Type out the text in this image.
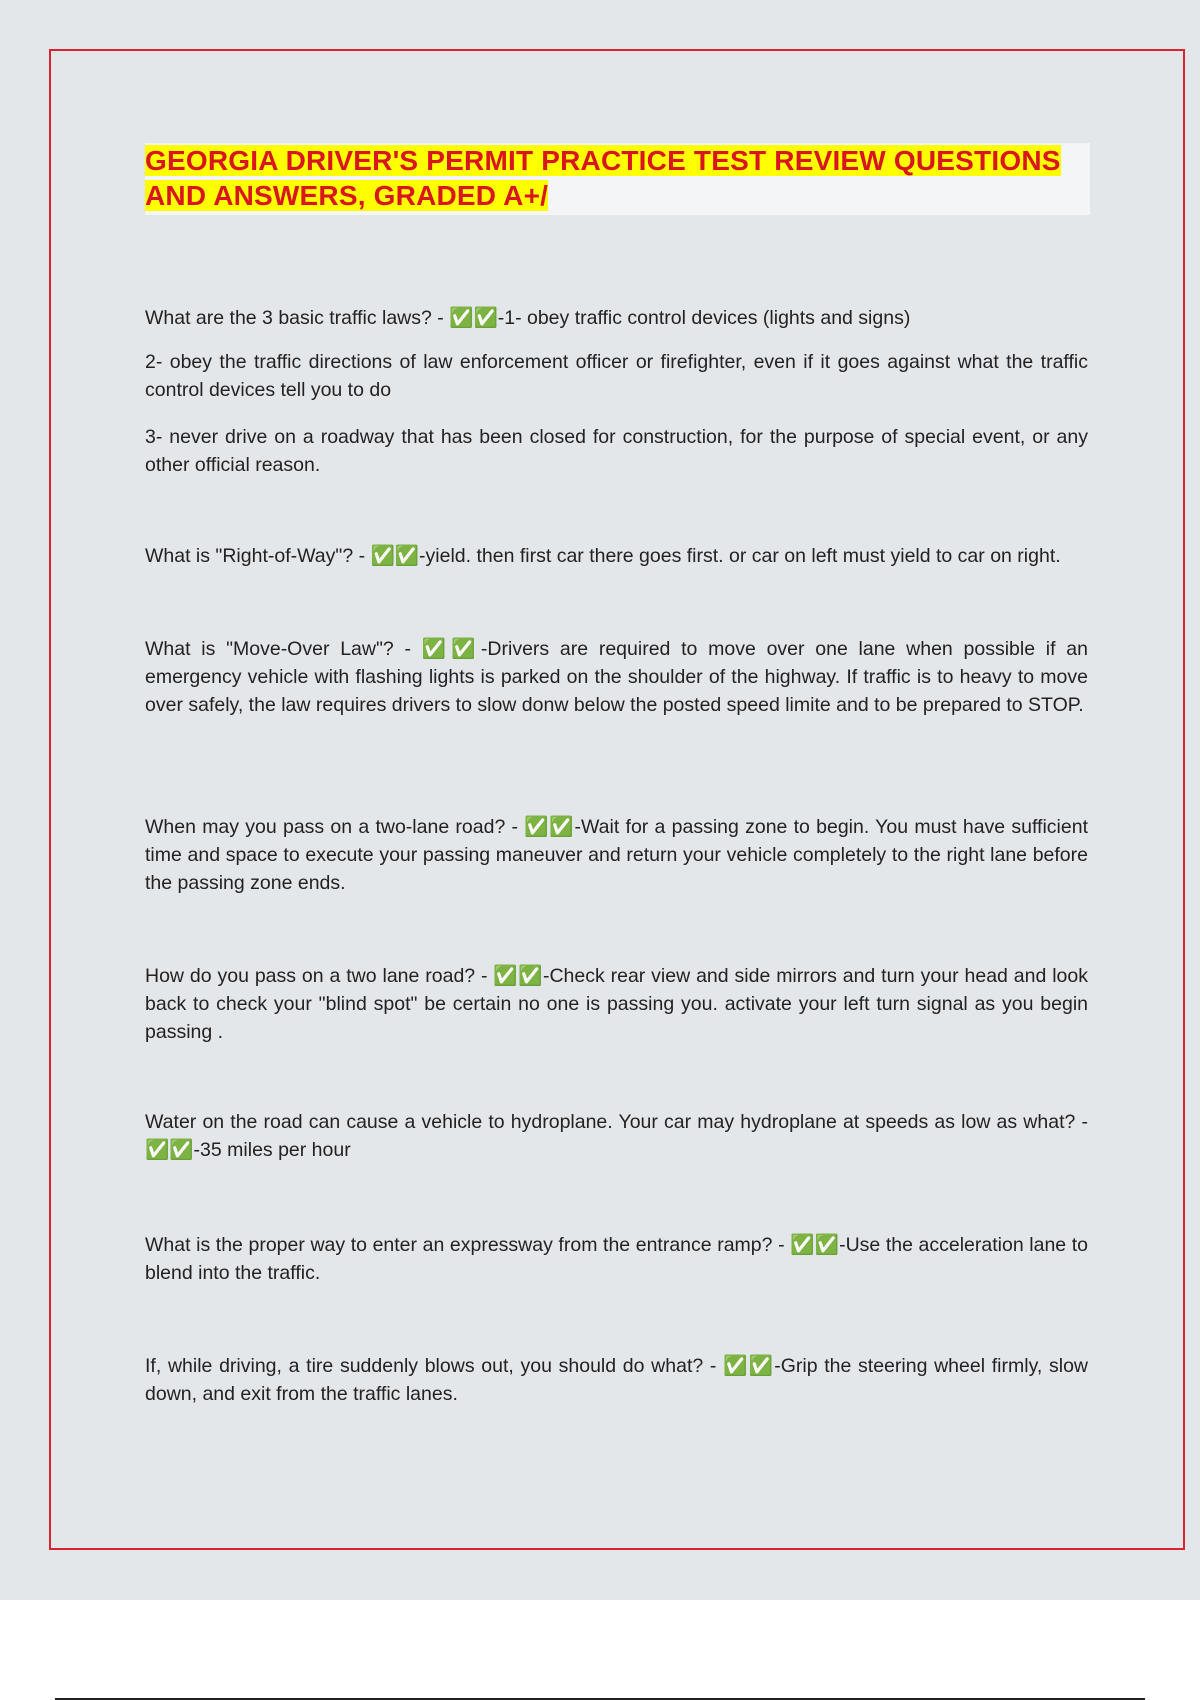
GEORGIA DRIVER'S PERMIT PRACTICE TEST REVIEW QUESTIONS

AND ANSWERS, GRADED A+/

What are the 3 basic traffic laws? - ✅✅-1- obey traffic control devices (lights and signs)

2- obey the traffic directions of law enforcement officer or firefighter, even if it goes against what the traffic control devices tell you to do

3- never drive on a roadway that has been closed for construction, for the purpose of special event, or any other official reason.

What is "Right-of-Way"? - ✅✅-yield. then first car there goes first. or car on left must yield to car on right.

What is "Move-Over Law"? - ✅✅-Drivers are required to move over one lane when possible if an emergency vehicle with flashing lights is parked on the shoulder of the highway. If traffic is to heavy to move over safely, the law requires drivers to slow donw below the posted speed limite and to be prepared to STOP.

When may you pass on a two-lane road? - ✅✅-Wait for a passing zone to begin. You must have sufficient time and space to execute your passing maneuver and return your vehicle completely to the right lane before the passing zone ends.

How do you pass on a two lane road? - ✅✅-Check rear view and side mirrors and turn your head and look back to check your "blind spot" be certain no one is passing you. activate your left turn signal as you begin passing .

Water on the road can cause a vehicle to hydroplane. Your car may hydroplane at speeds as low as what? - ✅✅-35 miles per hour

What is the proper way to enter an expressway from the entrance ramp? - ✅✅-Use the acceleration lane to blend into the traffic.

If, while driving, a tire suddenly blows out, you should do what? - ✅✅-Grip the steering wheel firmly, slow down, and exit from the traffic lanes.
